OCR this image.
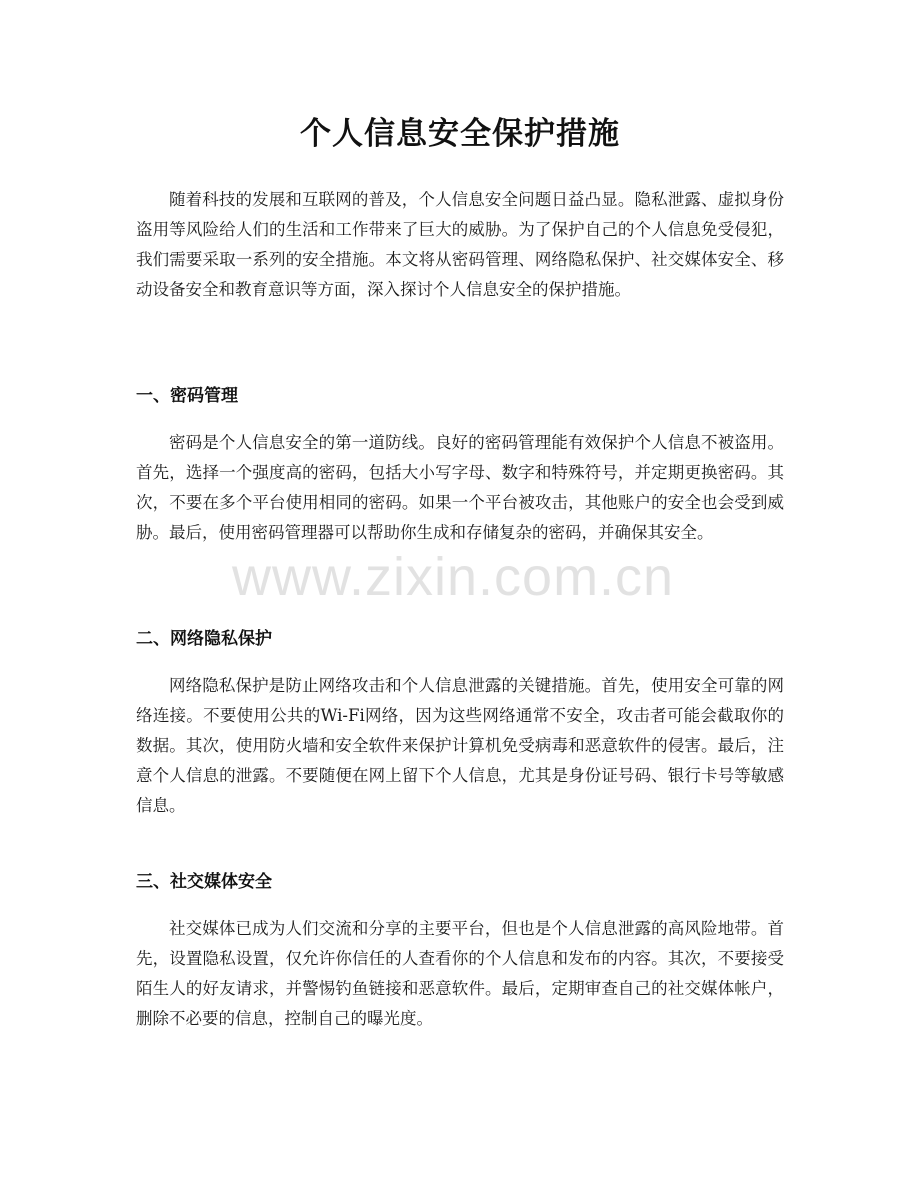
个人信息安全保护措施

随着科技的发展和互联网的普及，个人信息安全问题日益凸显。隐私泄露、虚拟身份盗用等风险给人们的生活和工作带来了巨大的威胁。为了保护自己的个人信息免受侵犯，我们需要采取一系列的安全措施。本文将从密码管理、网络隐私保护、社交媒体安全、移动设备安全和教育意识等方面，深入探讨个人信息安全的保护措施。

一、密码管理

密码是个人信息安全的第一道防线。良好的密码管理能有效保护个人信息不被盗用。首先，选择一个强度高的密码，包括大小写字母、数字和特殊符号，并定期更换密码。其次，不要在多个平台使用相同的密码。如果一个平台被攻击，其他账户的安全也会受到威胁。最后，使用密码管理器可以帮助你生成和存储复杂的密码，并确保其安全。

二、网络隐私保护

网络隐私保护是防止网络攻击和个人信息泄露的关键措施。首先，使用安全可靠的网络连接。不要使用公共的Wi-Fi网络，因为这些网络通常不安全，攻击者可能会截取你的数据。其次，使用防火墙和安全软件来保护计算机免受病毒和恶意软件的侵害。最后，注意个人信息的泄露。不要随便在网上留下个人信息，尤其是身份证号码、银行卡号等敏感信息。

三、社交媒体安全

社交媒体已成为人们交流和分享的主要平台，但也是个人信息泄露的高风险地带。首先，设置隐私设置，仅允许你信任的人查看你的个人信息和发布的内容。其次，不要接受陌生人的好友请求，并警惕钓鱼链接和恶意软件。最后，定期审查自己的社交媒体帐户，删除不必要的信息，控制自己的曝光度。

www.zixin.com.cn
